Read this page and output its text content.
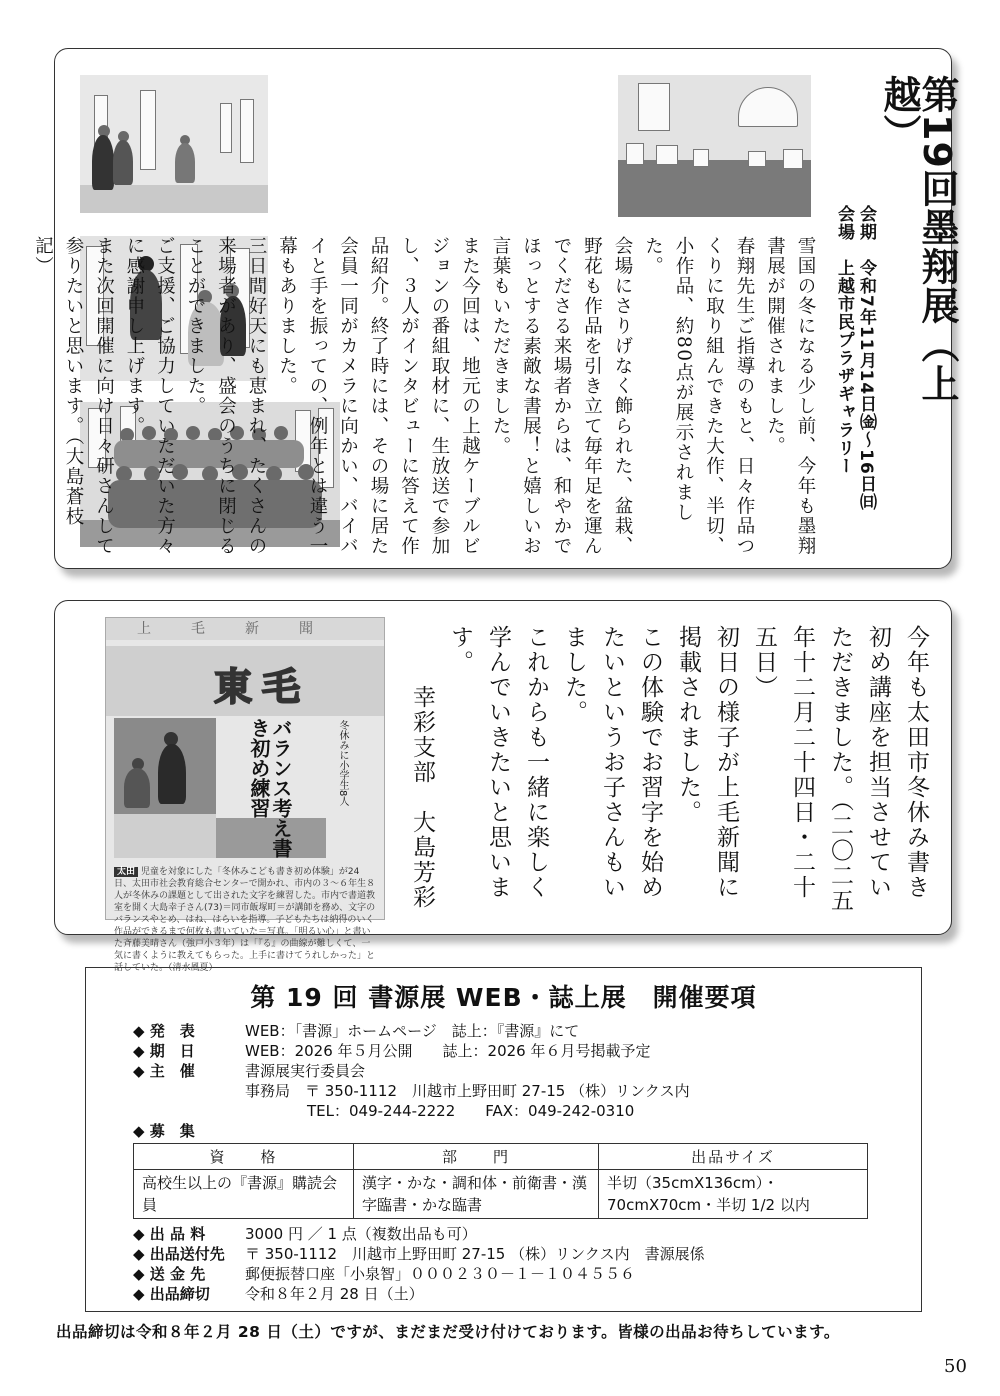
第19回墨翔展（上越）
会期　令和7年11月14日㈮～16日㈰
会場　上越市民プラザギャラリー

雪国の冬になる少し前、今年も墨翔書展が開催されました。

春翔先生ご指導のもと、日々作品つくりに取り組んできた大作、半切、小作品、約80点が展示されました。

会場にさりげなく飾られた、盆栽、野花も作品を引き立て毎年足を運んでくださる来場者からは、和やかでほっとする素敵な書展！と嬉しいお言葉もいただきました。

また今回は、地元の上越ケーブルビジョンの番組取材に、生放送で参加し、３人がインタビューに答えて作品紹介。終了時には、その場に居た会員一同がカメラに向かい、バイバイと手を振っての、例年とは違う一幕もありました。

三日間好天にも恵まれ、たくさんの来場者があり、盛会のうちに閉じることができました。

ご支援、ご協力していただいた方々に感謝申し上げます。

また次回開催に向け日々研さんして参りたいと思います。（大島蒼枝　記）

今年も太田市冬休み書き初め講座を担当させていただきました。（二〇二五年十二月二十四日・二十五日）

初日の様子が上毛新聞に掲載されました。

この体験でお習字を始めたいというお子さんもいました。

これからも一緒に楽しく学んでいきたいと思います。

幸彩支部　大島芳彩

上毛新聞
東毛
バランス考え書き初め練習	冬休みに小学生8人
太田 児童を対象にした「冬休みこども書き初め体験」が24日、太田市社会教育総合センターで開かれ、市内の３～６年生８人が冬休みの課題として出された文字を練習した。市内で書道教室を開く大島幸子さん(73)＝同市飯塚町＝が講師を務め、文字のバランスやとめ、はね、はらいを指導。子どもたちは納得のいく作品ができるまで何枚も書いていた＝写真。「明るい心」と書いた斉藤美晴さん（強戸小３年）は「『る』の曲線が難しくて、一気に書くように教えてもらった。上手に書けてうれしかった」と話していた。（清水風夏）
第 19 回 書源展 WEB・誌上展　開催要項
◆ 発　表	WEB：「書源」ホームページ　誌上：『書源』にて
◆ 期　日	WEB：2026 年５月公開　　誌上：2026 年６月号掲載予定
◆ 主　催	書源展実行委員会
事務局　〒 350-1112　川越市上野田町 27-15 （株）リンクス内
TEL：049-244-2222　　FAX：049-242-0310
◆ 募　集
資　　格	部　　門	出品サイズ
高校生以上の『書源』購読会員	漢字・かな・調和体・前衛書・漢字臨書・かな臨書	半切（35cmX136cm）・70cmX70cm・半切 1/2 以内
◆ 出 品 料	3000 円 ／ 1 点（複数出品も可）
◆ 出品送付先 〒 350-1112　川越市上野田町 27-15 （株）リンクス内　書源展係
◆ 送 金 先	郵便振替口座「小泉智」０００２３０－１－１０４５５６
◆ 出品締切 令和８年２月 28 日（土）
出品締切は令和８年２月 28 日（土）ですが、まだまだ受け付けております。皆様の出品お待ちしています。
50
